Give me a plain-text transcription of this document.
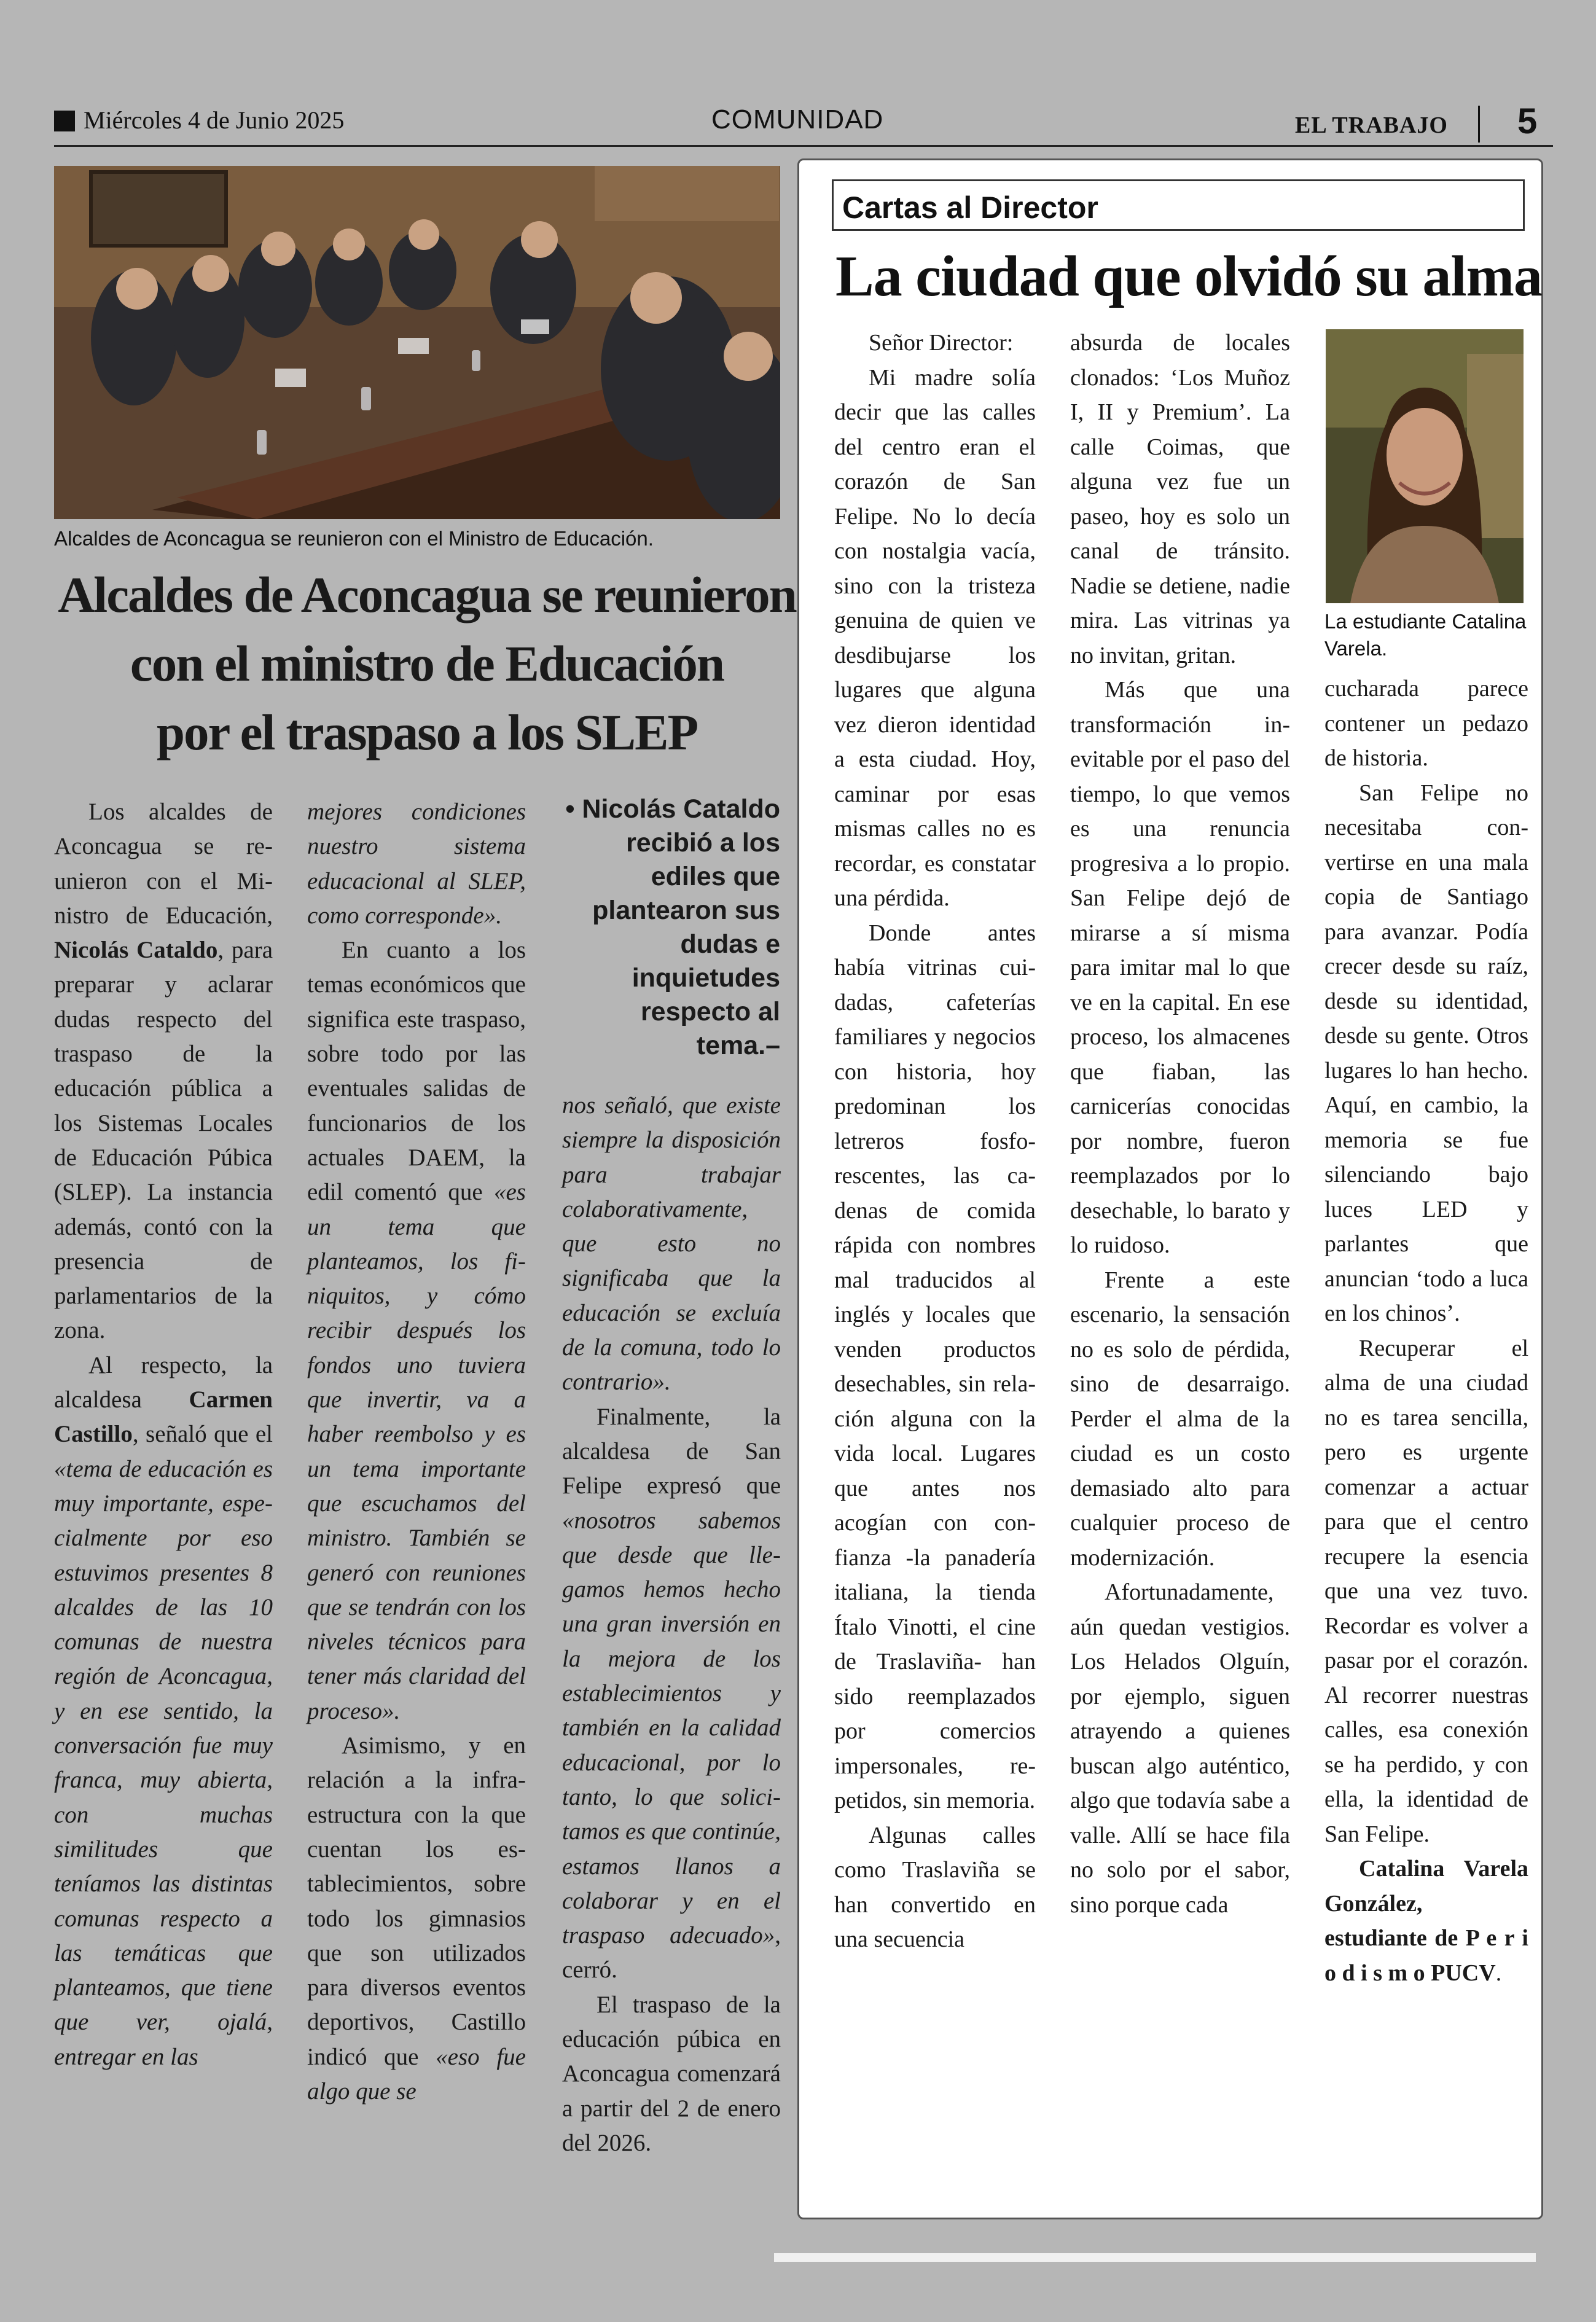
Miércoles 4 de Junio 2025	COMUNIDAD	EL TRABAJO 5
Alcaldes de Aconcagua se reunieron con el Ministro de Educación.
Alcaldes de Aconcagua se reunieron
con el ministro de Educación
por el traspaso a los SLEP

Los alcaldes de Aconcagua se reunieron con el Ministro de Educación, Nicolás Cataldo, para preparar y aclarar dudas respecto del traspaso de la educación pública a los Sistemas Locales de Educación Púbica (SLEP). La instancia además, contó con la presencia de parlamentarios de la zona.

Al respecto, la alcaldesa Carmen Castillo, señaló que el «tema de educación es muy importante, especialmente por eso estuvimos presentes 8 alcaldes de las 10 comunas de nuestra región de Aconcagua, y en ese sentido, la conversación fue muy franca, muy abierta, con muchas similitudes que teníamos las distintas comunas respecto a las temáticas que planteamos, que tiene que ver, ojalá, entregar en las

mejores condiciones nuestro sistema educacional al SLEP, como corresponde».

En cuanto a los temas económicos que significa este traspaso, sobre todo por las eventuales salidas de funcionarios de los actuales DAEM, la edil comentó que «es un tema que planteamos, los finiquitos, y cómo recibir después los fondos uno tuviera que invertir, va a haber reembolso y es un tema importante que escuchamos del ministro. También se generó con reuniones que se tendrán con los niveles técnicos para tener más claridad del proceso».

Asimismo, y en relación a la infraestructura con la que cuentan los establecimientos, sobre todo los gimnasios que son utilizados para diversos eventos deportivos, Castillo indicó que «eso fue algo que se

• Nicolás Cataldo recibió a los ediles que plantearon sus dudas e inquietudes respecto al tema.–

nos señaló, que existe siempre la disposición para trabajar colaborativamente, que esto no significaba que la educación se excluía de la comuna, todo lo contrario».

Finalmente, la alcaldesa de San Felipe expresó que «nosotros sabemos que desde que llegamos hemos hecho una gran inversión en la mejora de los establecimientos y también en la calidad educacional, por lo tanto, lo que solicitamos es que continúe, estamos llanos a colaborar y en el traspaso adecuado», cerró.

El traspaso de la educación púbica en Aconcagua comenzará a partir del 2 de enero del 2026.

Cartas al Director
La ciudad que olvidó su alma

Señor Director:

Mi madre solía decir que las calles del centro eran el corazón de San Felipe. No lo decía con nostalgia vacía, sino con la tristeza genuina de quien ve desdibujarse los lugares que alguna vez dieron identidad a esta ciudad. Hoy, caminar por esas mismas calles no es recordar, es constatar una pérdida.

Donde antes había vitrinas cuidadas, cafeterías familiares y negocios con historia, hoy predominan los letreros fosforescentes, las cadenas de comida rápida con nombres mal traducidos al inglés y locales que venden productos desechables, sin relación alguna con la vida local. Lugares que antes nos acogían con confianza -la panadería italiana, la tienda Ítalo Vinotti, el cine de Traslaviña- han sido reemplazados por comercios impersonales, repetidos, sin memoria.

Algunas calles como Traslaviña se han convertido en una secuencia

absurda de locales clonados: ‘Los Muñoz I, II y Premium’. La calle Coimas, que alguna vez fue un paseo, hoy es solo un canal de tránsito. Nadie se detiene, nadie mira. Las vitrinas ya no invitan, gritan.

Más que una transformación inevitable por el paso del tiempo, lo que vemos es una renuncia progresiva a lo propio. San Felipe dejó de mirarse a sí misma para imitar mal lo que ve en la capital. En ese proceso, los almacenes que fiaban, las carnicerías conocidas por nombre, fueron reemplazados por lo desechable, lo barato y lo ruidoso.

Frente a este escenario, la sensación no es solo de pérdida, sino de desarraigo. Perder el alma de la ciudad es un costo demasiado alto para cualquier proceso de modernización.

Afortunadamente, aún quedan vestigios. Los Helados Olguín, por ejemplo, siguen atrayendo a quienes buscan algo auténtico, algo que todavía sabe a valle. Allí se hace fila no solo por el sabor, sino porque cada

La estudiante Catalina Varela.

cucharada parece contener un pedazo de historia.

San Felipe no necesitaba convertirse en una mala copia de Santiago para avanzar. Podía crecer desde su raíz, desde su identidad, desde su gente. Otros lugares lo han hecho. Aquí, en cambio, la memoria se fue silenciando bajo luces LED y parlantes que anuncian ‘todo a luca en los chinos’.

Recuperar el alma de una ciudad no es tarea sencilla, pero es urgente comenzar a actuar para que el centro recupere la esencia que una vez tuvo. Recordar es volver a pasar por el corazón. Al recorrer nuestras calles, esa conexión se ha perdido, y con ella, la identidad de San Felipe.

Catalina Varela González, estudiante de P e r i o d i s m o PUCV.
